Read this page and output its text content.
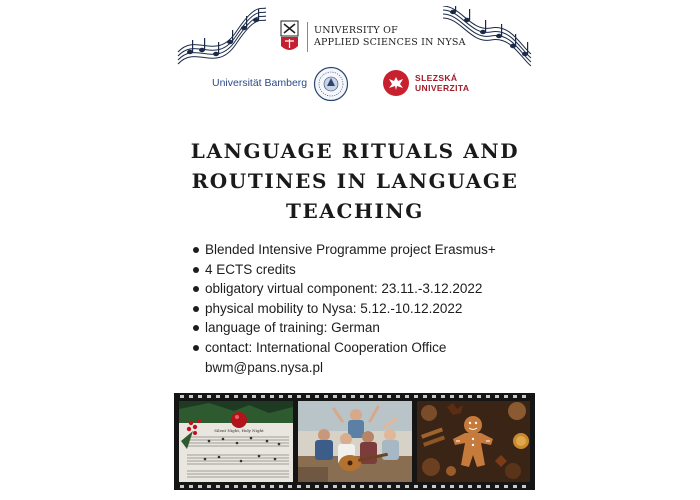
UNIVERSITY OF
APPLIED SCIENCES IN NYSA
Universität Bamberg	SLEZSKÁ
UNIVERZITA
LANGUAGE RITUALS AND
ROUTINES IN LANGUAGE
TEACHING
Blended Intensive Programme project Erasmus+
4 ECTS credits
obligatory virtual component: 23.11.-3.12.2022
physical mobility to Nysa: 5.12.-10.12.2022
language of training: German
contact: International Cooperation Office
bwm@pans.nysa.pl
Silent Night, Holy Night
